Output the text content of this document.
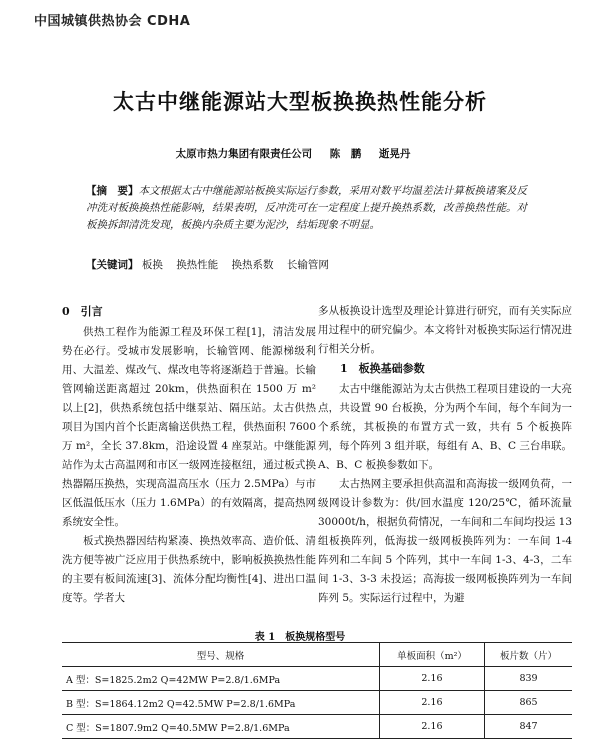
中国城镇供热协会 CDHA
太古中继能源站大型板换换热性能分析
太原市热力集团有限责任公司 陈　鹏 逝晃丹
【摘　要】本文根据太古中继能源站板换实际运行参数，采用对数平均温差法计算板换诸案及反冲洗对板换换热性能影响，结果表明，反冲洗可在一定程度上提升换热系数，改善换热性能。对板换拆卸清洗发现，板换内杂质主要为泥沙，结垢现象不明显。
【关键词】 板换 换热性能 换热系数 长输管网
0　引言

供热工程作为能源工程及环保工程[1]，清洁发展势在必行。受城市发展影响，长输管网、能源梯级利用、大温差、煤改气、煤改电等将逐渐趋于普遍。长输管网输送距离超过 20km，供热面积在 1500 万 m² 以上[2]，供热系统包括中继泵站、隔压站。太古供热项目为国内首个长距离输送供热工程，供热面积 7600 万 m²，全长 37.8km，沿途设置 4 座泵站。中继能源站作为太古高温网和市区一级网连接枢纽，通过板式换热器隔压换热，实现高温高压水（压力 2.5MPa）与市区低温低压水（压力 1.6MPa）的有效隔离，提高热网系统安全性。

板式换热器因结构紧凑、换热效率高、造价低、清洗方便等被广泛应用于供热系统中，影响板换换热性能的主要有板间流速[3]、流体分配均衡性[4]、进出口温度等。学者大

多从板换设计选型及理论计算进行研究，而有关实际应用过程中的研究偏少。本文将针对板换实际运行情况进行相关分析。

1　板换基础参数

太古中继能源站为太古供热工程项目建设的一大亮点，共设置 90 台板换，分为两个车间，每个车间为一个系统，其板换的布置方式一致，共有 5 个板换阵列，每个阵列 3 组并联，每组有 A、B、C 三台串联。A、B、C 板换参数如下。

太古热网主要承担供高温和高海拔一级网负荷，一级网设计参数为：供/回水温度 120/25℃，循环流量 30000t/h，根据负荷情况，一车间和二车间均投运 13 组板换阵列，低海拔一级网板换阵列为：一车间 1-4 阵列和二车间 5 个阵列，其中一车间 1-3、4-3，二车间 1-3、3-3 未投运；高海拔一级网板换阵列为一车间阵列 5。实际运行过程中，为避

表 1　板换规格型号
型号、规格	单板面积（m²）	板片数（片）
A 型：S=1825.2m2 Q=42MW P=2.8/1.6MPa	2.16	839
B 型：S=1864.12m2 Q=42.5MW P=2.8/1.6MPa	2.16	865
C 型：S=1807.9m2 Q=40.5MW P=2.8/1.6MPa	2.16	847
